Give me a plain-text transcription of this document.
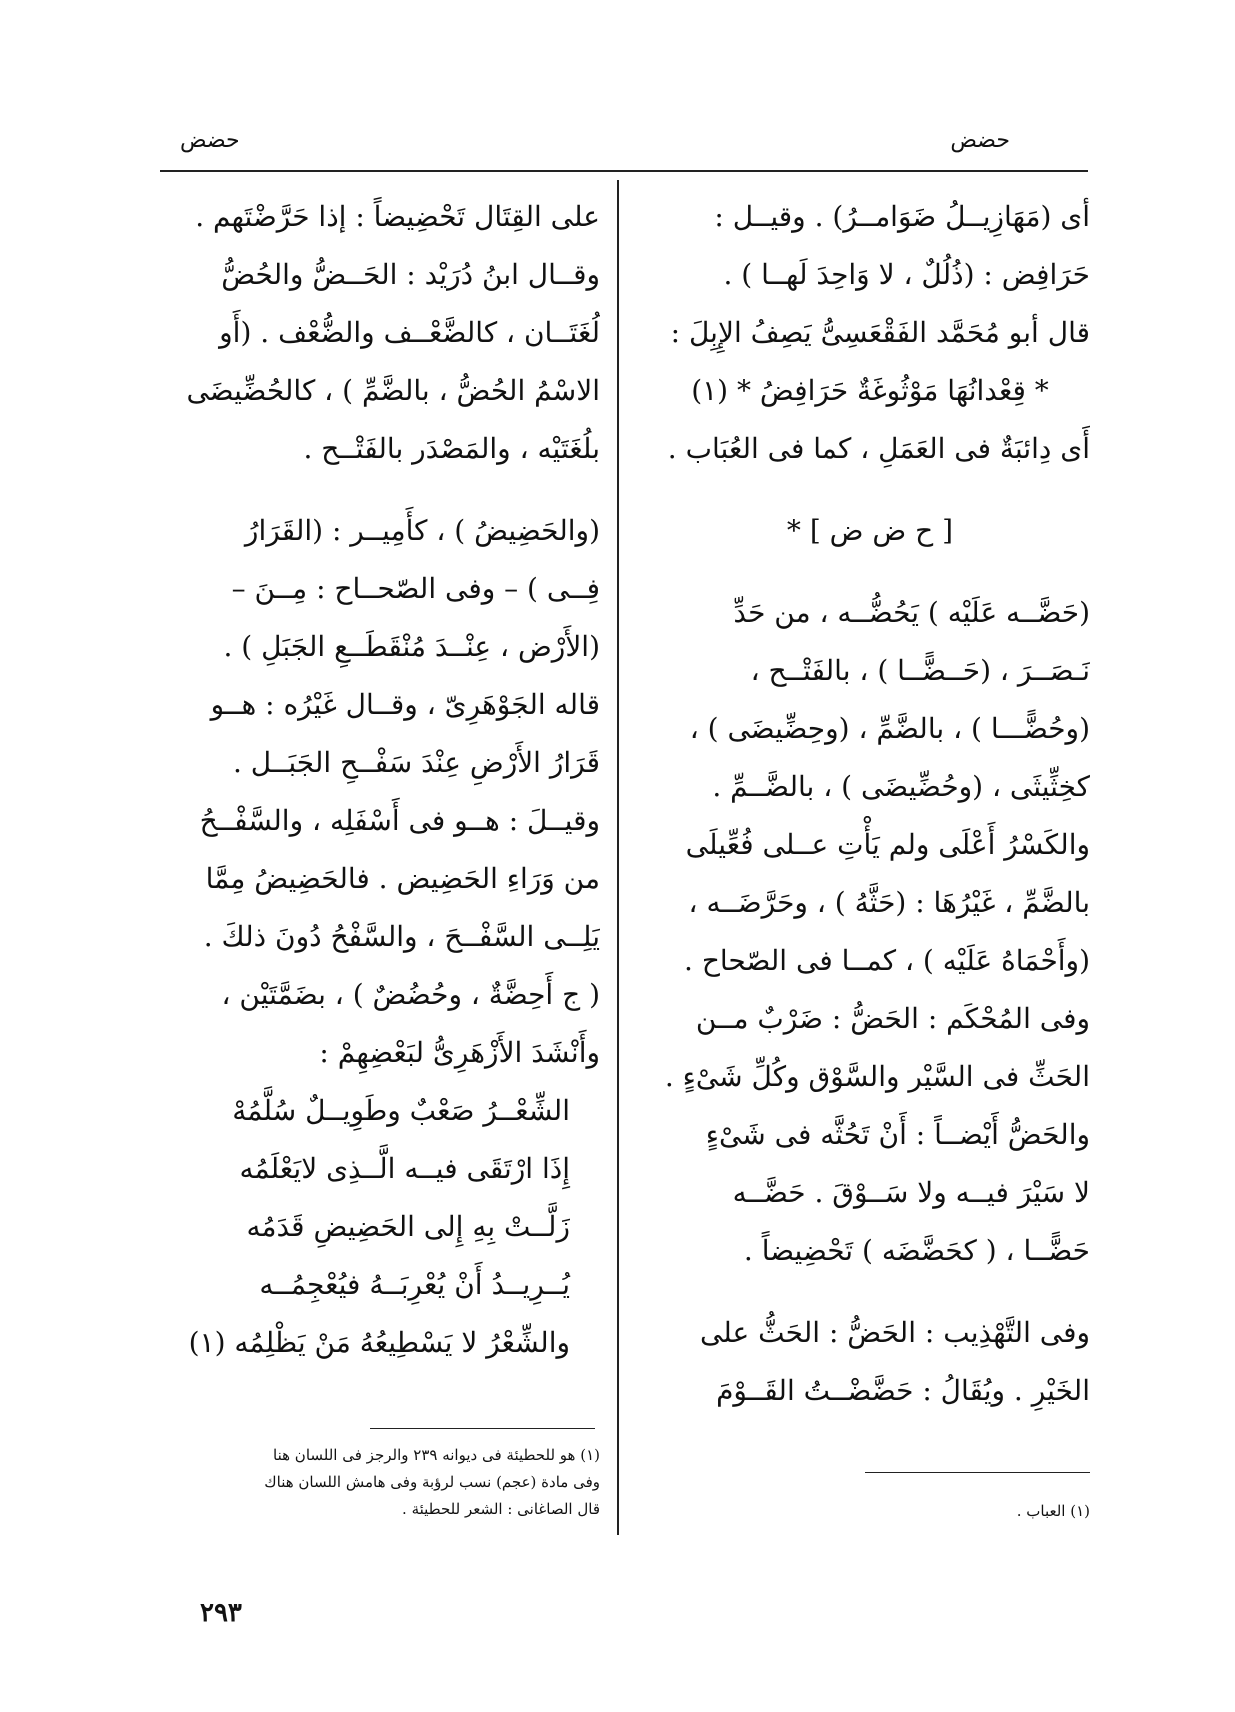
حضض
حضض
أى (مَهَازِيــلُ ضَوَامــرُ) . وقيــل :
حَرَافِض : (ذُلُلٌ ، لا وَاحِدَ لَهــا ) .
قال أبو مُحَمَّد الفَقْعَسِىُّ يَصِفُ الإِبِلَ :
* قِعْدانُهَا مَوْثُوغَةٌ حَرَافِضُ * (١)
أَى دِائبَةٌ فى العَمَلِ ، كما فى العُبَاب .
[ ح ض ض ] *
(حَضَّــه عَلَيْه ) يَحُضُّــه ، من حَدِّ
نَـصَــرَ ، (حَــضًّــا ) ، بالفَتْــح ،
(وحُضًّـــا ) ، بالضَّمِّ ، (وحِضِّيضَى ) ،
كخِثِّيثَى ، (وحُضِّيضَى ) ، بالضَّــمِّ .
والكَسْرُ أَعْلَى ولم يَأْتِ عــلى فُعِّيلَى
بالضَّمِّ ، غَيْرُهَا : (حَثَّهُ ) ، وحَرَّضَــه ،
(وأَحْمَاهُ عَلَيْه ) ، كمــا فى الصّحاح .
وفى المُحْكَم : الحَضُّ : ضَرْبٌ مــن
الحَثِّ فى السَّيْر والسَّوْق وكُلِّ شَىْءٍ .
والحَضُّ أَيْضــاً : أَنْ تَحُثَّه فى شَىْءٍ
لا سَيْرَ فيــه ولا سَــوْقَ . حَضَّــه
حَضًّــا ، ( كحَضَّضَه ) تَحْضِيضاً .
وفى التَّهْذِيب : الحَضُّ : الحَثُّ على
الخَيْرِ . ويُقَالُ : حَضَّضْــتُ القَــوْمَ
على القِتَال تَحْضِيضاً : إذا حَرَّضْتَهم .
وقــال ابنُ دُرَيْد : الحَــضُّ والحُضُّ
لُغَتَــان ، كالضَّعْــف والضُّعْف . (أَو
الاسْمُ الحُضُّ ، بالضَّمِّ ) ، كالحُضِّيضَى
بلُغَتَيْه ، والمَصْدَر بالفَتْــح .
(والحَضِيضُ ) ، كأَمِيــر : (القَرَارُ
فِــى ) – وفى الصّحــاح : مِــنَ –
(الأَرْض ، عِنْــدَ مُنْقَطَــعِ الجَبَلِ ) .
قاله الجَوْهَرِىّ ، وقــال غَيْرُه : هــو
قَرَارُ الأَرْضِ عِنْدَ سَفْــحِ الجَبَــل .
وقيــلَ : هــو فى أَسْفَلِه ، والسَّفْــحُ
من وَرَاءِ الحَضِيض . فالحَضِيضُ مِمَّا
يَلِــى السَّفْــحَ ، والسَّفْحُ دُونَ ذلكَ .
( ج أَحِضَّةٌ ، وحُضُضٌ ) ، بضَمَّتَيْن ،
وأَنْشَدَ الأَزْهَرِىُّ لبَعْضِهِمْ :
الشِّعْــرُ صَعْبٌ وطَوِيــلٌ سُلَّمُهْ
إِذَا ارْتَقَى فيــه الَّــذِى لايَعْلَمُه
زَلَّــتْ بِهِ إِلى الحَضِيضِ قَدَمُه
يُــرِيــدُ أَنْ يُعْرِبَــهُ فيُعْجِمُــه
والشِّعْرُ لا يَسْطِيعُهُ مَنْ يَظْلِمُه (١)
(١) العباب .
(١) هو للحطيئة فى ديوانه ٢٣٩ والرجز فى اللسان هنا
وفى مادة (عجم) نسب لرؤبة وفى هامش اللسان هناك
قال الصاغانى : الشعر للحطيئة .
٢٩٣
